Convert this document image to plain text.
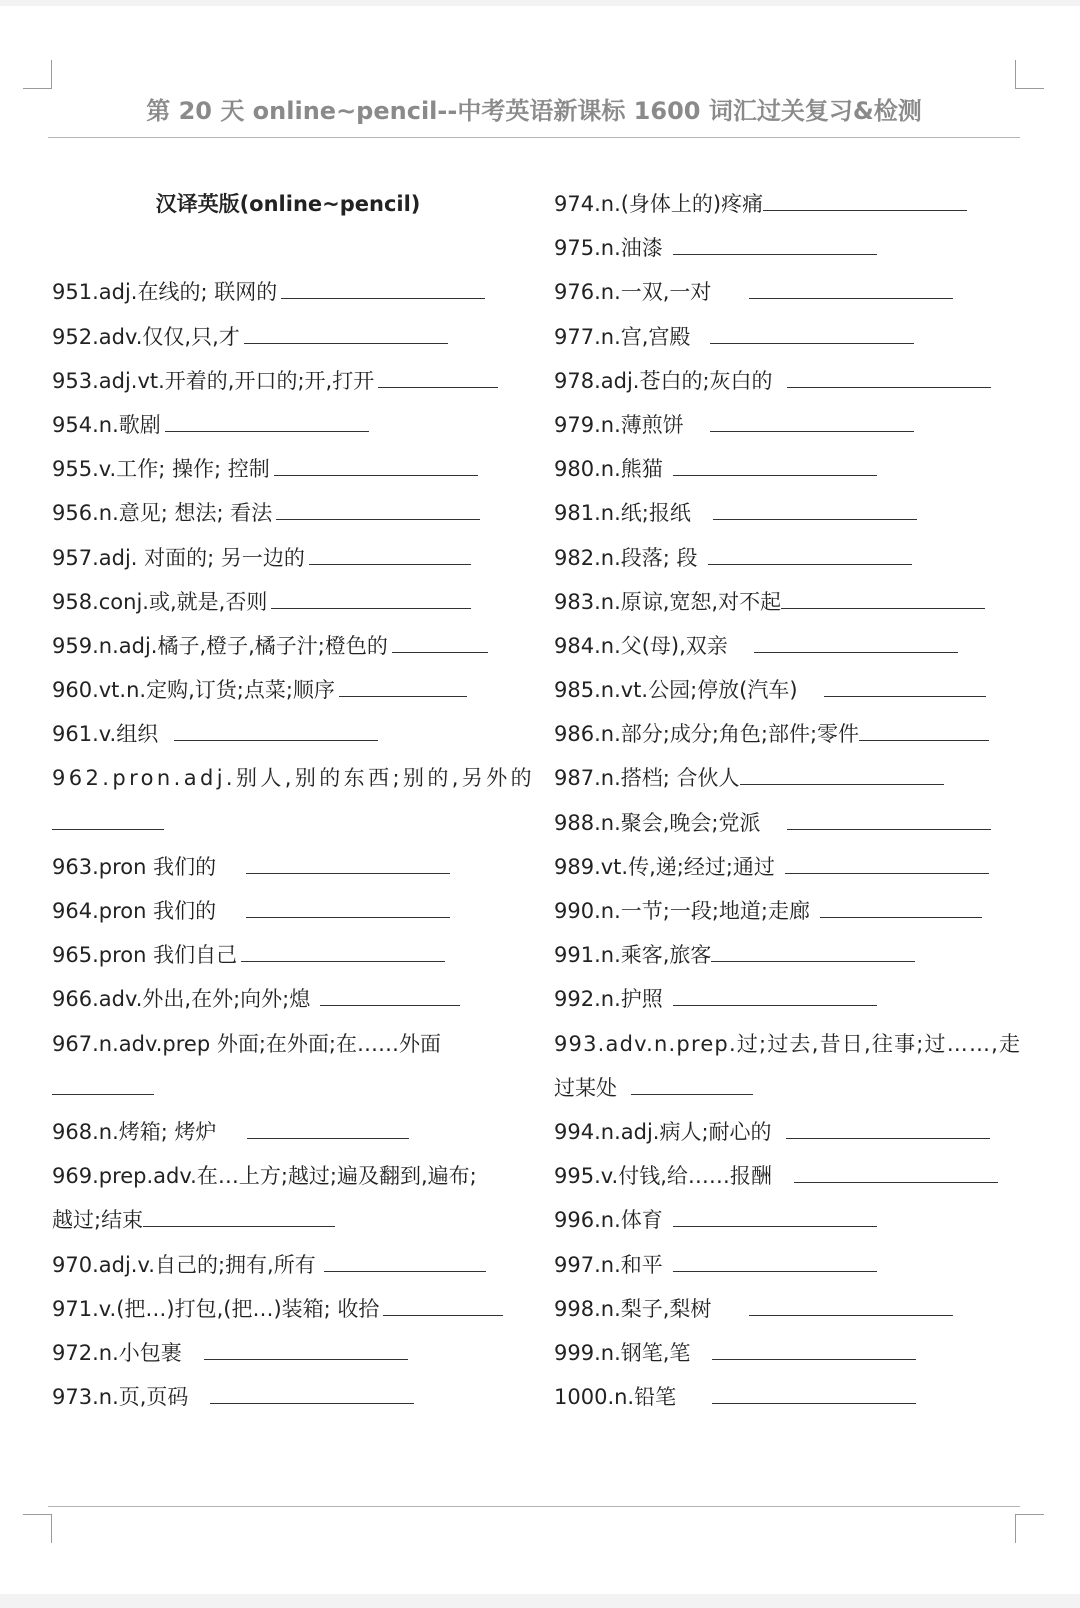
第 20 天 online~pencil--中考英语新课标 1600 词汇过关复习&检测
汉译英版(online~pencil)
951.adj.在线的; 联网的
952.adv.仅仅,只,才
953.adj.vt.开着的,开口的;开,打开
954.n.歌剧
955.v.工作; 操作; 控制
956.n.意见; 想法; 看法
957.adj. 对面的; 另一边的
958.conj.或,就是,否则
959.n.adj.橘子,橙子,橘子汁;橙色的
960.vt.n.定购,订货;点菜;顺序
961.v.组织
962.pron.adj.别人,别的东西;别的,另外的
963.pron 我们的
964.pron 我们的
965.pron 我们自己
966.adv.外出,在外;向外;熄
967.n.adv.prep 外面;在外面;在……外面
968.n.烤箱; 烤炉
969.prep.adv.在…上方;越过;遍及翻到,遍布;
越过;结束
970.adj.v.自己的;拥有,所有
971.v.(把…)打包,(把…)装箱; 收拾
972.n.小包裹
973.n.页,页码
974.n.(身体上的)疼痛
975.n.油漆
976.n.一双,一对
977.n.宫,宫殿
978.adj.苍白的;灰白的
979.n.薄煎饼
980.n.熊猫
981.n.纸;报纸
982.n.段落; 段
983.n.原谅,宽恕,对不起
984.n.父(母),双亲
985.n.vt.公园;停放(汽车)
986.n.部分;成分;角色;部件;零件
987.n.搭档; 合伙人
988.n.聚会,晚会;党派
989.vt.传,递;经过;通过
990.n.一节;一段;地道;走廊
991.n.乘客,旅客
992.n.护照
993.adv.n.prep.过;过去,昔日,往事;过……,走
过某处
994.n.adj.病人;耐心的
995.v.付钱,给……报酬
996.n.体育
997.n.和平
998.n.梨子,梨树
999.n.钢笔,笔
1000.n.铅笔
